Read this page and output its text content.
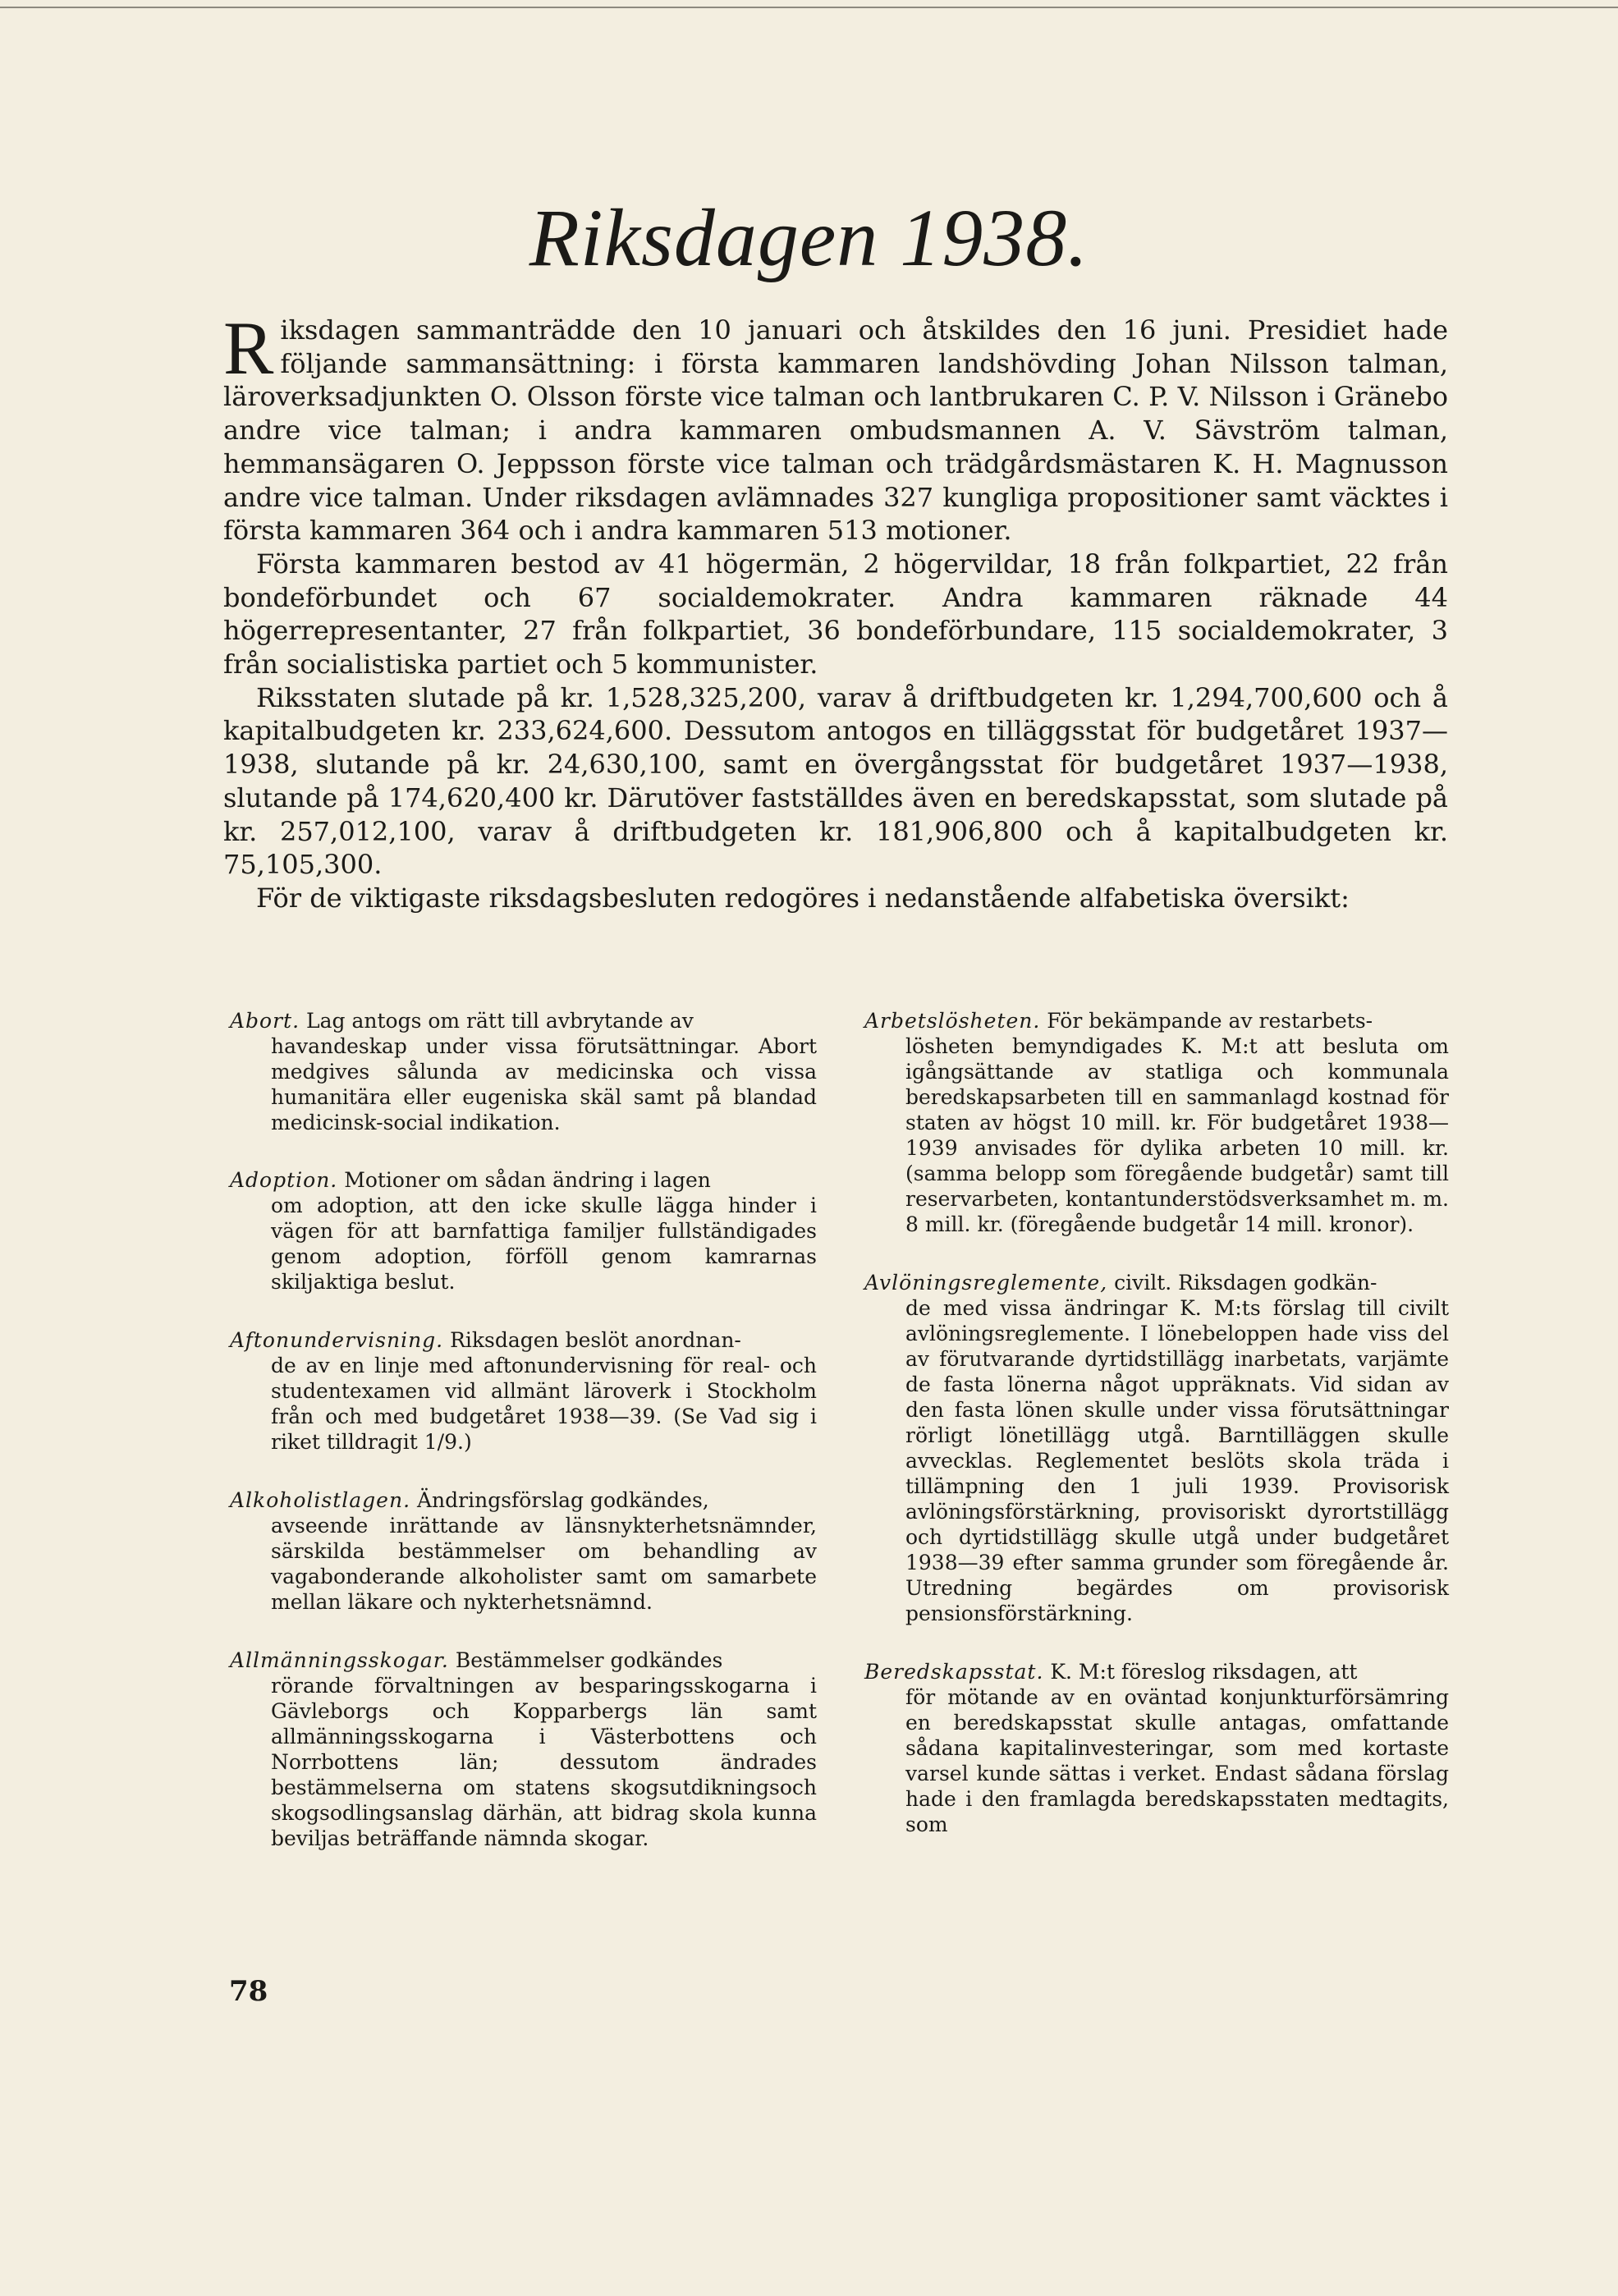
Riksdagen 1938.

Riksdagen sammanträdde den 10 januari och åtskildes den 16 juni. Presidiet hade följande sammansättning: i första kammaren landshövding Johan Nilsson talman, läroverksadjunkten O. Olsson förste vice talman och lantbrukaren C. P. V. Nilsson i Gränebo andre vice talman; i andra kammaren ombudsmannen A. V. Sävström talman, hemmansägaren O. Jeppsson förste vice talman och trädgårdsmästaren K. H. Magnusson andre vice talman. Under riksdagen avlämnades 327 kungliga propositioner samt väcktes i första kammaren 364 och i andra kammaren 513 motioner.

Första kammaren bestod av 41 högermän, 2 högervildar, 18 från folkpartiet, 22 från bondeförbundet och 67 socialdemokrater. Andra kammaren räknade 44 högerrepresentanter, 27 från folkpartiet, 36 bondeförbundare, 115 socialdemokrater, 3 från socialistiska partiet och 5 kommunister.

Riksstaten slutade på kr. 1,528,325,200, varav å driftbudgeten kr. 1,294,700,600 och å kapitalbudgeten kr. 233,624,600. Dessutom antogos en tilläggsstat för budgetåret 1937—1938, slutande på kr. 24,630,100, samt en övergångsstat för budgetåret 1937—1938, slutande på 174,620,400 kr. Därutöver fastställdes även en beredskapsstat, som slutade på kr. 257,012,100, varav å driftbudgeten kr. 181,906,800 och å kapitalbudgeten kr. 75,105,300.

För de viktigaste riksdagsbesluten redogöres i nedanstående alfabetiska översikt:

Abort. Lag antogs om rätt till avbrytande av
havandeskap under vissa förutsättningar. Abort medgives sålunda av medicinska och vissa humanitära eller eugeniska skäl samt på blandad medicinsk-social indikation.

Adoption. Motioner om sådan ändring i lagen
om adoption, att den icke skulle lägga hinder i vägen för att barnfattiga familjer fullständigades genom adoption, förföll genom kamrarnas skiljaktiga beslut.

Aftonundervisning. Riksdagen beslöt anordnan-
de av en linje med aftonundervisning för real- och studentexamen vid allmänt läroverk i Stockholm från och med budgetåret 1938—39. (Se Vad sig i riket tilldragit 1/9.)

Alkoholistlagen. Ändringsförslag godkändes,
avseende inrättande av länsnykterhetsnämnder, särskilda bestämmelser om behandling av vagabonderande alkoholister samt om samarbete mellan läkare och nykterhetsnämnd.

Allmänningsskogar. Bestämmelser godkändes
rörande förvaltningen av besparingsskogarna i Gävleborgs och Kopparbergs län samt allmänningsskogarna i Västerbottens och Norrbottens län; dessutom ändrades bestämmelserna om statens skogsutdikningsoch skogsodlingsanslag därhän, att bidrag skola kunna beviljas beträffande nämnda skogar.

Arbetslösheten. För bekämpande av restarbets-
lösheten bemyndigades K. M:t att besluta om igångsättande av statliga och kommunala beredskapsarbeten till en sammanlagd kostnad för staten av högst 10 mill. kr. För budgetåret 1938—1939 anvisades för dylika arbeten 10 mill. kr. (samma belopp som föregående budgetår) samt till reservarbeten, kontantunderstödsverksamhet m. m. 8 mill. kr. (föregående budgetår 14 mill. kronor).

Avlöningsreglemente, civilt. Riksdagen godkän-
de med vissa ändringar K. M:ts förslag till civilt avlöningsreglemente. I lönebeloppen hade viss del av förutvarande dyrtidstillägg inarbetats, varjämte de fasta lönerna något uppräknats. Vid sidan av den fasta lönen skulle under vissa förutsättningar rörligt lönetillägg utgå. Barntilläggen skulle avvecklas. Reglementet beslöts skola träda i tillämpning den 1 juli 1939. Provisorisk avlöningsförstärkning, provisoriskt dyrortstillägg och dyrtidstillägg skulle utgå under budgetåret 1938—39 efter samma grunder som föregående år. Utredning begärdes om provisorisk pensionsförstärkning.

Beredskapsstat. K. M:t föreslog riksdagen, att
för mötande av en oväntad konjunkturförsämring en beredskapsstat skulle antagas, omfattande sådana kapitalinvesteringar, som med kortaste varsel kunde sättas i verket. Endast sådana förslag hade i den framlagda beredskapsstaten medtagits, som

78
